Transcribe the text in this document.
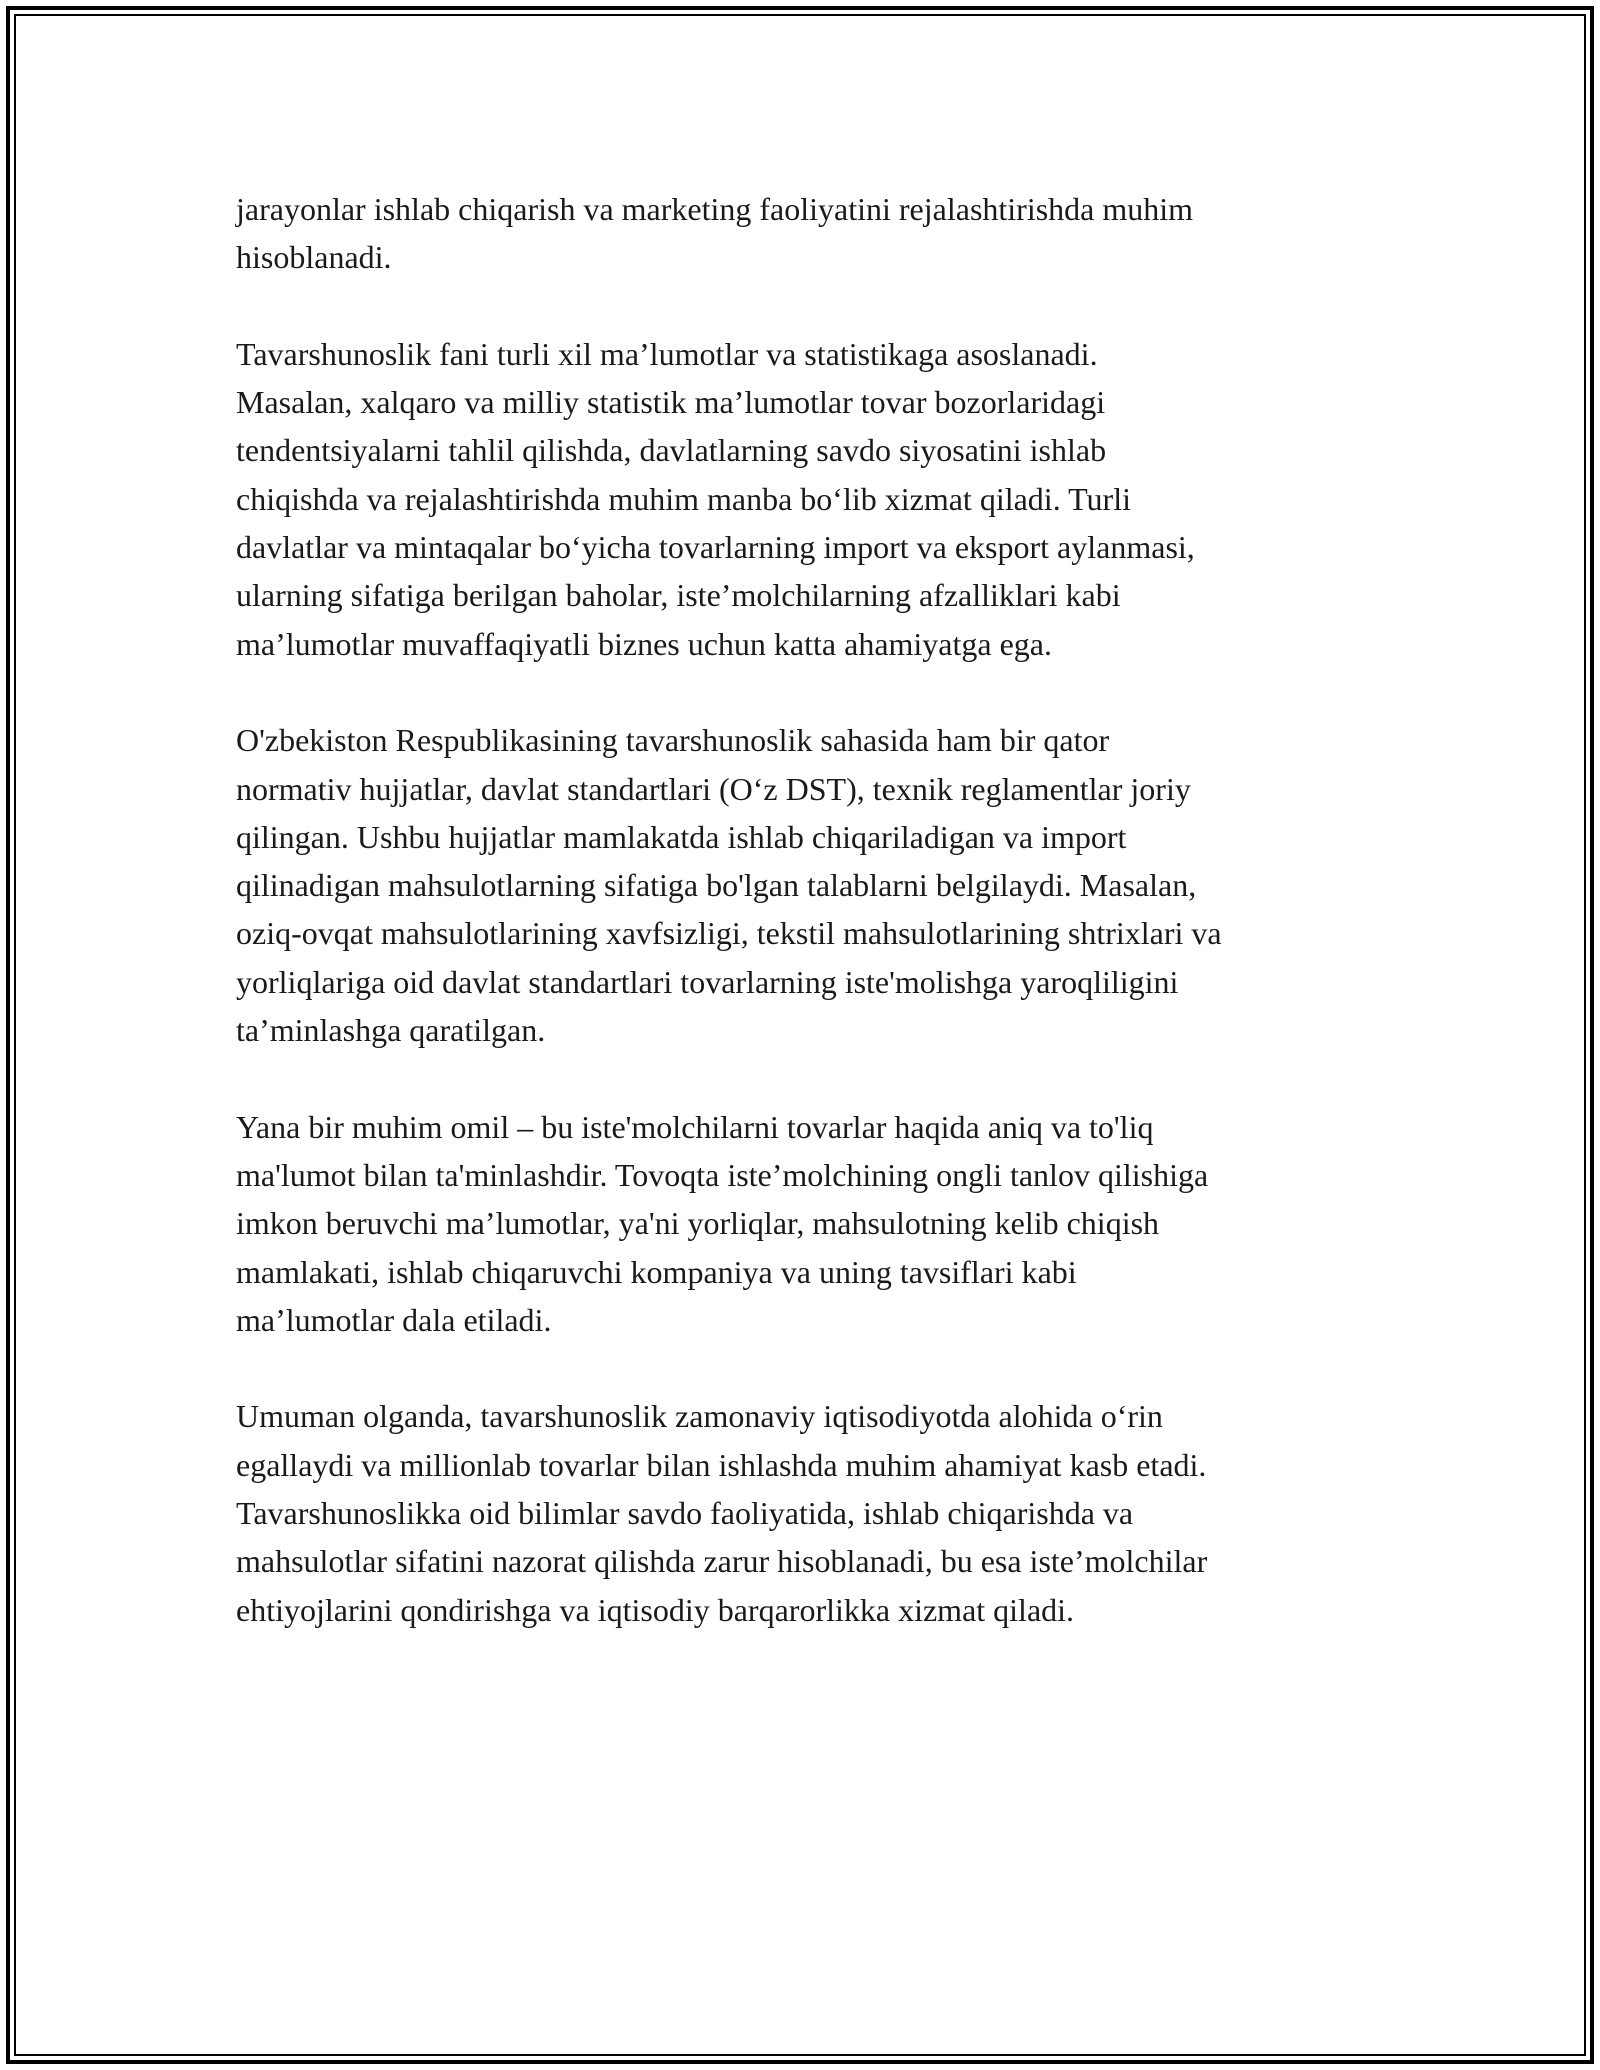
jarayonlar ishlab chiqarish va marketing faoliyatini rejalashtirishda muhim
hisoblanadi.

Tavarshunoslik fani turli xil ma’lumotlar va statistikaga asoslanadi.
Masalan, xalqaro va milliy statistik ma’lumotlar tovar bozorlaridagi
tendentsiyalarni tahlil qilishda, davlatlarning savdo siyosatini ishlab
chiqishda va rejalashtirishda muhim manba bo‘lib xizmat qiladi. Turli
davlatlar va mintaqalar bo‘yicha tovarlarning import va eksport aylanmasi,
ularning sifatiga berilgan baholar, iste’molchilarning afzalliklari kabi
ma’lumotlar muvaffaqiyatli biznes uchun katta ahamiyatga ega.

O'zbekiston Respublikasining tavarshunoslik sahasida ham bir qator
normativ hujjatlar, davlat standartlari (O‘z DST), texnik reglamentlar joriy
qilingan. Ushbu hujjatlar mamlakatda ishlab chiqariladigan va import
qilinadigan mahsulotlarning sifatiga bo'lgan talablarni belgilaydi. Masalan,
oziq-ovqat mahsulotlarining xavfsizligi, tekstil mahsulotlarining shtrixlari va
yorliqlariga oid davlat standartlari tovarlarning iste'molishga yaroqliligini
ta’minlashga qaratilgan.

Yana bir muhim omil – bu iste'molchilarni tovarlar haqida aniq va to'liq
ma'lumot bilan ta'minlashdir. Tovoqta iste’molchining ongli tanlov qilishiga
imkon beruvchi ma’lumotlar, ya'ni yorliqlar, mahsulotning kelib chiqish
mamlakati, ishlab chiqaruvchi kompaniya va uning tavsiflari kabi
ma’lumotlar dala etiladi.

Umuman olganda, tavarshunoslik zamonaviy iqtisodiyotda alohida o‘rin
egallaydi va millionlab tovarlar bilan ishlashda muhim ahamiyat kasb etadi.
Tavarshunoslikka oid bilimlar savdo faoliyatida, ishlab chiqarishda va
mahsulotlar sifatini nazorat qilishda zarur hisoblanadi, bu esa iste’molchilar
ehtiyojlarini qondirishga va iqtisodiy barqarorlikka xizmat qiladi.
